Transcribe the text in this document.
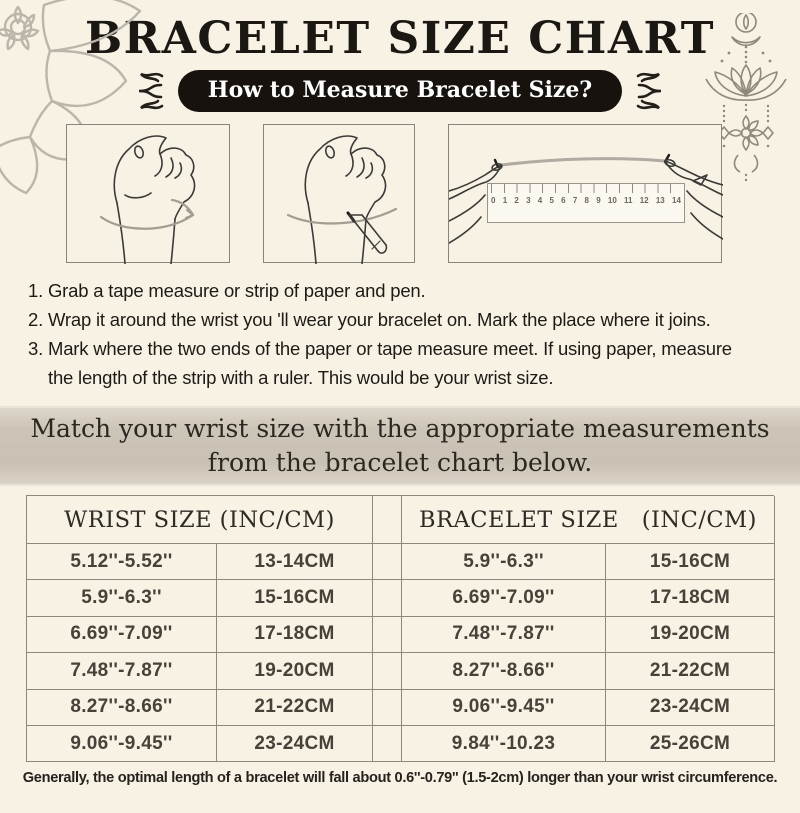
BRACELET SIZE CHART
How to Measure Bracelet Size?
0 1 2 3 4 5 6 7 8 9 10 11 12 13 14
1. Grab a tape measure or strip of paper and pen.
2. Wrap it around the wrist you 'll wear your bracelet on. Mark the place where it joins.
3. Mark where the two ends of the paper or tape measure meet. If using paper, measure
the length of the strip with a ruler. This would be your wrist size.
Match your wrist size with the appropriate measurements
from the bracelet chart below.
WRIST SIZE (INC/CM)	BRACELET SIZE   (INC/CM)
5.12''-5.52''	13-14CM	5.9''-6.3''	15-16CM
5.9''-6.3''	15-16CM	6.69''-7.09''	17-18CM
6.69''-7.09''	17-18CM	7.48''-7.87''	19-20CM
7.48''-7.87''	19-20CM	8.27''-8.66''	21-22CM
8.27''-8.66''	21-22CM	9.06''-9.45''	23-24CM
9.06''-9.45''	23-24CM	9.84''-10.23	25-26CM
Generally, the optimal length of a bracelet will fall about 0.6''-0.79'' (1.5-2cm) longer than your wrist circumference.
